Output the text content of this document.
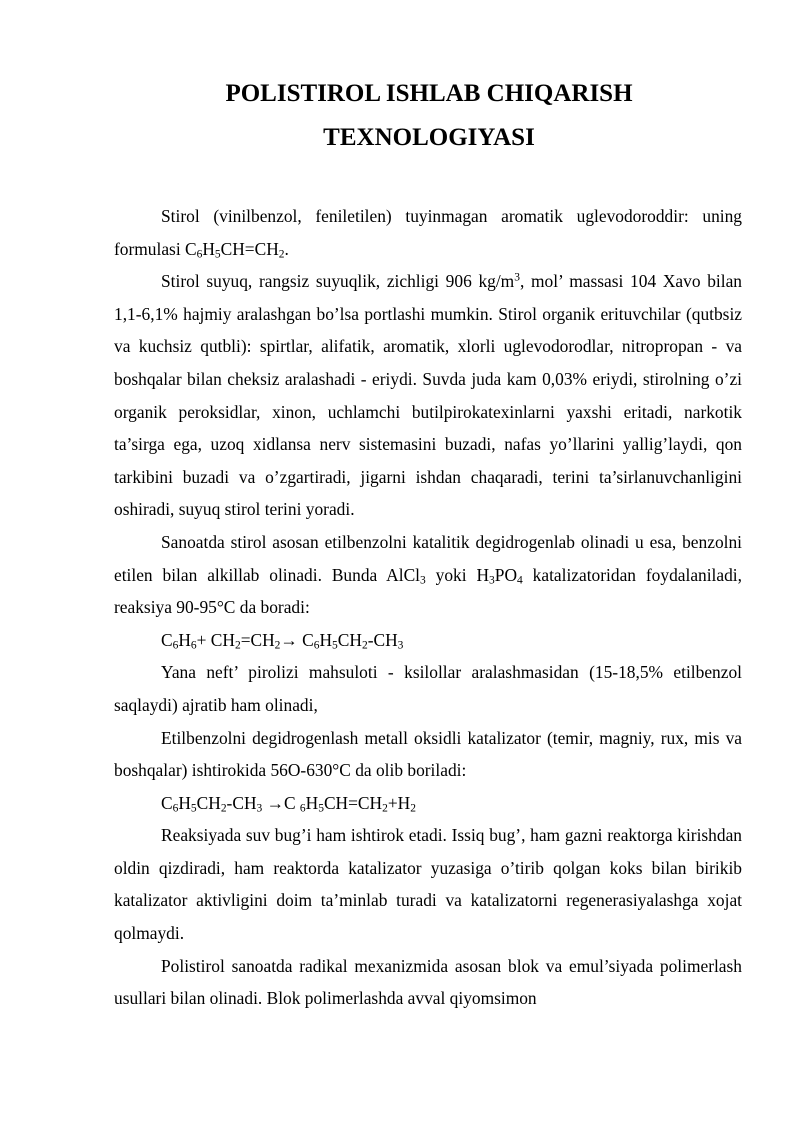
POLISTIROL ISHLAB CHIQARISH
TEXNOLOGIYASI

Stirol (vinilbenzol, feniletilen) tuyinmagan aromatik uglevodoroddir: uning formulasi $C_6H_5CH=CH_2$.

Stirol suyuq, rangsiz suyuqlik, zichligi 906 $kg/m^3$, mol’ massasi 104 Xavo bilan 1,1-6,1% hajmiy aralashgan bo’lsa portlashi mumkin. Stirol organik erituvchilar (qutbsiz va kuchsiz qutbli): spirtlar, alifatik, aromatik, xlorli uglevodorodlar, nitropropan - va boshqalar bilan cheksiz aralashadi - eriydi. Suvda juda kam 0,03% eriydi, stirolning o’zi organik peroksidlar, xinon, uchlamchi butilpirokatexinlarni yaxshi eritadi, narkotik ta’sirga ega, uzoq xidlansa nerv sistemasini buzadi, nafas yo’llarini yallig’laydi, qon tarkibini buzadi va o’zgartiradi, jigarni ishdan chaqaradi, terini ta’sirlanuvchanligini oshiradi, suyuq stirol terini yoradi.

Sanoatda stirol asosan etilbenzolni katalitik degidrogenlab olinadi u esa, benzolni etilen bilan alkillab olinadi. Bunda AlCl$_3$ yoki $H_3PO_4$ katalizatoridan foydalaniladi, reaksiya 90-95°C da boradi:

$C_6H_6+ CH_2=CH_2\to C_6H_5CH_2-CH_3$

Yana neft’ pirolizi mahsuloti - ksilollar aralashmasidan (15-18,5% etilbenzol saqlaydi) ajratib ham olinadi,

Etilbenzolni degidrogenlash metall oksidli katalizator (temir, magniy, rux, mis va boshqalar) ishtirokida 56O-630°C da olib boriladi:

$C_6H_5CH_2-CH_3 \to C$ $_6H_5CH=CH_2+H_2$

Reaksiyada suv bug’i ham ishtirok etadi. Issiq bug’, ham gazni reaktorga kirishdan oldin qizdiradi, ham reaktorda katalizator yuzasiga o’tirib qolgan koks bilan birikib katalizator aktivligini doim ta’minlab turadi va katalizatorni regenerasiyalashga xojat qolmaydi.

Polistirol sanoatda radikal mexanizmida asosan blok va emul’siyada polimerlash usullari bilan olinadi. Blok polimerlashda avval qiyomsimon
